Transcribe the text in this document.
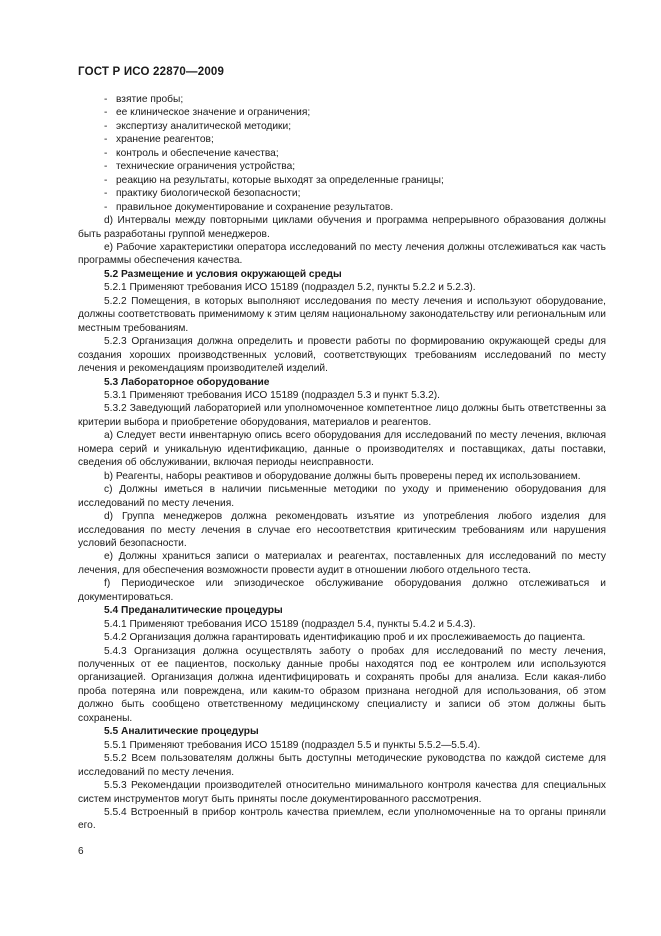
ГОСТ Р ИСО 22870—2009

- взятие пробы;

- ее клиническое значение и ограничения;

- экспертизу аналитической методики;

- хранение реагентов;

- контроль и обеспечение качества;

- технические ограничения устройства;

- реакцию на результаты, которые выходят за определенные границы;

- практику биологической безопасности;

- правильное документирование и сохранение результатов.

d) Интервалы между повторными циклами обучения и программа непрерывного образования должны быть разработаны группой менеджеров.

e) Рабочие характеристики оператора исследований по месту лечения должны отслеживаться как часть программы обеспечения качества.

5.2 Размещение и условия окружающей среды

5.2.1 Применяют требования ИСО 15189 (подраздел 5.2, пункты 5.2.2 и 5.2.3).

5.2.2 Помещения, в которых выполняют исследования по месту лечения и используют оборудование, должны соответствовать применимому к этим целям национальному законодательству или региональным или местным требованиям.

5.2.3 Организация должна определить и провести работы по формированию окружающей среды для создания хороших производственных условий, соответствующих требованиям исследований по месту лечения и рекомендациям производителей изделий.

5.3 Лабораторное оборудование

5.3.1 Применяют требования ИСО 15189 (подраздел 5.3 и пункт 5.3.2).

5.3.2 Заведующий лабораторией или уполномоченное компетентное лицо должны быть ответственны за критерии выбора и приобретение оборудования, материалов и реагентов.

a) Следует вести инвентарную опись всего оборудования для исследований по месту лечения, включая номера серий и уникальную идентификацию, данные о производителях и поставщиках, даты поставки, сведения об обслуживании, включая периоды неисправности.

b) Реагенты, наборы реактивов и оборудование должны быть проверены перед их использованием.

c) Должны иметься в наличии письменные методики по уходу и применению оборудования для исследований по месту лечения.

d) Группа менеджеров должна рекомендовать изъятие из употребления любого изделия для исследования по месту лечения в случае его несоответствия критическим требованиям или нарушения условий безопасности.

e) Должны храниться записи о материалах и реагентах, поставленных для исследований по месту лечения, для обеспечения возможности провести аудит в отношении любого отдельного теста.

f) Периодическое или эпизодическое обслуживание оборудования должно отслеживаться и документироваться.

5.4 Преданалитические процедуры

5.4.1 Применяют требования ИСО 15189 (подраздел 5.4, пункты 5.4.2 и 5.4.3).

5.4.2 Организация должна гарантировать идентификацию проб и их прослеживаемость до пациента.

5.4.3 Организация должна осуществлять заботу о пробах для исследований по месту лечения, полученных от ее пациентов, поскольку данные пробы находятся под ее контролем или используются организацией. Организация должна идентифицировать и сохранять пробы для анализа. Если какая-либо проба потеряна или повреждена, или каким-то образом признана негодной для использования, об этом должно быть сообщено ответственному медицинскому специалисту и записи об этом должны быть сохранены.

5.5 Аналитические процедуры

5.5.1 Применяют требования ИСО 15189 (подраздел 5.5 и пункты 5.5.2—5.5.4).

5.5.2 Всем пользователям должны быть доступны методические руководства по каждой системе для исследований по месту лечения.

5.5.3 Рекомендации производителей относительно минимального контроля качества для специальных систем инструментов могут быть приняты после документированного рассмотрения.

5.5.4 Встроенный в прибор контроль качества приемлем, если уполномоченные на то органы приняли его.

6
